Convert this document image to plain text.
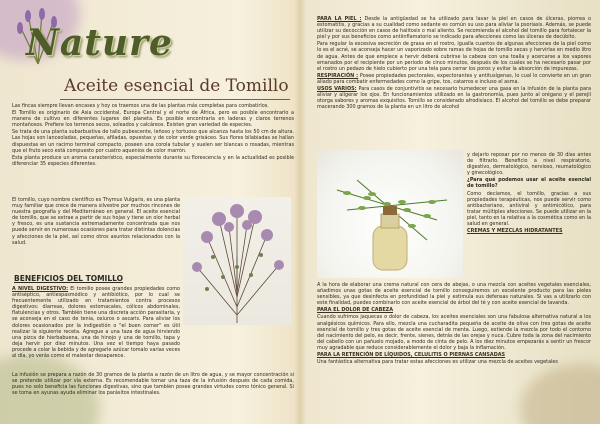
Nature
Aceite esencial de Tomillo

Las fincas siempre llevan encases y hoy os traemos una de las plantas más completas para combatirlos.

El Tomillo es originario de Asia occidental, Europa Central y el norte de África, pero es posible encontrarlo a manera de cultivo en diferentes lugares del planeta. Es posible encontrarla en laderas y claros terrenos montañosos. Prefiere los terrenos secos, soleados y calcáreos. Existen gran variedad de especies.

Se trata de una planta subarbustiva de tallo pubescente, leñoso y tortuoso que alcanza hasta los 50 cm de altura. Las hojas son lanceoladas, pequeñas, afiladas, opuestas y de color verde grisáceo. Sus flores bilabiadas se hallan dispuestas en un racimo terminal compacto, poseen una corola tubular y suelen ser blancas o rosadas, mientras que el fruto seco está compuesto por cuatro aquenios de color marrón.

Esta planta produce un aroma característico, especialmente durante su florescencia y en la actualidad es posible diferenciar 35 especies diferentes.

El tomillo, cuyo nombre científico es Thymus Vulgaris, es una planta muy familiar que crece de manera silvestre por muchos rincones de nuestra geografía y del Mediterráneo en general. El aceite esencial de tomillo, que se extrae a partir de sus hojas y tiene un olor herbal y fresco, es una sustancia extremadamente concentrada que nos puede servir en numerosas ocasiones para tratar distintas dolencias y afecciones de la piel, así como otros asuntos relacionados con la salud.

BENEFICIOS DEL TOMILLO

A NIVEL DIGESTIVO: El tomillo posee grandes propiedades como antiséptico, antiespasmódico y antibiótico, por lo cual se frecuentemente utilizado en tratamientos contra procesos digestivos: diarreas, dolores estomacales, cólicos abdominales, flatulencias y otros. También tiene una discreta acción parasitaria, y se aconseja en el caso de tenia, oxiuros o ascaris. Para aliviar los dolores ocasionados por la indigestión o "el buen comer" es útil realizar la siguiente receta. Agregue a una taza de agua hirviendo una pizca de hierbabuena, una de hinojo y una de tomillo, tapa y deja hervir por diez minutos. Una vez el tiempo haya pasado procede a colar la bebida y de agregarle azúcar tomalo varias veces al día, yo verás como el malestar desaparece.

La infusión se prepara a razón de 30 gramos de la planta a razón de un litro de agua, y se mayor concentración si se pretende utilizar por vía externa. Es recomendable tomar una taza de la infusión después de cada comida, pues no solo beneficia las funciones digestivas, sino que también posee grandes virtudes como tónico general. Si se toma en ayunas ayuda eliminar los parásitos intestinales.

PARA LA PIEL : Desde la antigüedad se ha utilizado para lavar la piel en casos de úlceras, piorrea o estomatitis, y gracias a su cualidad como sedante es común su uso para aliviar la psoriasis. Además, se puede utilizar su decocción en casos de halitosis o mal aliento. Se recomienda el alcohol del tomillo para fortalecer la piel y por sus beneficios como antiinflamatorio se indicado para afecciones como las úlceras de decúbito.

Para regular la excesiva secreción de grasa en el rostro, igualla cuantos de algunas afecciones de la piel como lo es el acné, se aconseja hacer un vaporizado sobre ramas de hojas de tomillo secas y hervirlas en medio litro de agua. Antes de que empiece a hervir deberá cubrirse la cabeza con una toalla y acercarse a los vapores emanados por el recipiente por un periodo de cinco minutos, después de los cuales se ha necesario pasar por el rostro un pedazo de hielo cubierto por una tela para cerrar los poros y evitar la absorción de impurezas.

RESPIRACIÓN : Posee propiedades pectorales, expectorantes y antitusígenas, lo cual lo convierte en un gran aliado para combatir enfermedades como la gripe, tos, catarros e incluso el asma.

USOS VARIOS: Para casos de conjuntivitis se necesario humedecer una gasa en la infusión de la planta para aliviar y aligerar los ojos. En funcionamientos utilizado en la gastronomía, pues junto al orégano y el perejil otorga sabores y aromas exquisitos. Tomillo se considerado afrodisiaco. El alcohol del tomillo se debe preparar macerando 300 gramos de la planta en un litro de alcohol

y dejarlo reposar por no menos de 30 días antes de filtrarlo. Beneficio a nivel respiratorio, digestivo, dermatológico, nervioso, reumatológico y ginecológico.

¿Para qué podemos usar el aceite esencial de tomillo?

Como decíamos, el tomillo, gracias a sus propiedades terapéuticas, nos puede servir como antibacteriano, antiviral y antimicótico, para tratar múltiples afecciones. Se puede utilizar en la piel, tanto en la relativa a la cosmética como en la salud en general.

CREMAS Y MEZCLAS HIDRATANTES

A la hora de elaborar una crema natural con cera de abejas, o una mezcla con aceites vegetales esenciales, añadimos unas gotas de aceite esencial de tomillo conseguiremos un excelente producto para las pieles sensibles, ya que desinfecta en profundidad la piel y estimula sus defensas naturales. Si vas a utilizarlo con este finalidad, puedes combinarlo con aceite esencial de árbol del té y con aceite esencial de lavanda.

PARA EL DOLOR DE CABEZA

Cuando sufrimos jaquecas o dolor de cabeza, los aceites esenciales son una fabulosa alternativa natural a los analgésicos químicos. Para ello, mezcla una cucharadita pequeña de aceite de oliva con tres gotas de aceite esencial de tomillo y tres gotas de aceite esencial de menta. Luego, extiende la mezcla por todo el contorno del nacimiento del pelo, es decir, frente, sienes, detrás de las orejas y nuca. Cubre toda la zona del nacimiento del cabello con un pañuelo mojado, a modo de cinta de pelo. A los diez minutos empezarás a sentir un frescor muy agradable que reduce considerablemente el dolor y baja la inflamación.

PARA LA RETENCIÓN DE LÍQUIDOS, CELULITIS O PIERNAS CANSADAS

Una fantástica alternativa para tratar estas afecciones es utilizar una mezcla de aceites vegetales
